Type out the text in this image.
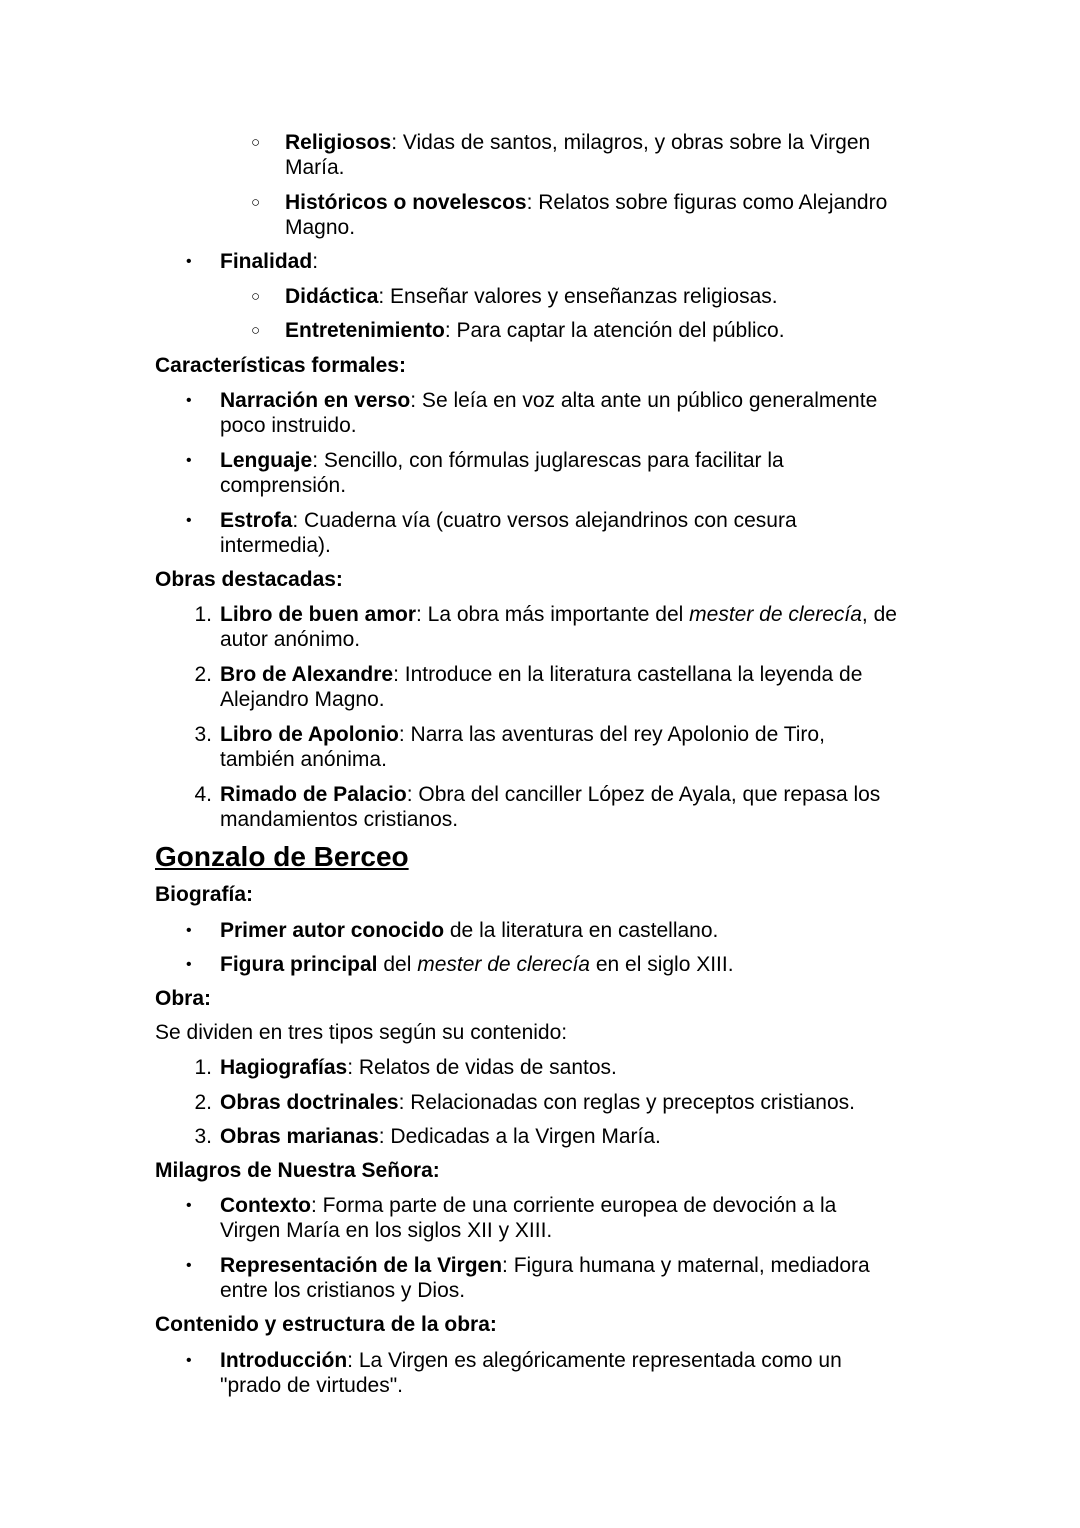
○ Religiosos: Vidas de santos, milagros, y obras sobre la Virgen
María.
○ Históricos o novelescos: Relatos sobre figuras como Alejandro
Magno.
• Finalidad:
○ Didáctica: Enseñar valores y enseñanzas religiosas.
○ Entretenimiento: Para captar la atención del público.
Características formales:
• Narración en verso: Se leía en voz alta ante un público generalmente
poco instruido.
• Lenguaje: Sencillo, con fórmulas juglarescas para facilitar la
comprensión.
• Estrofa: Cuaderna vía (cuatro versos alejandrinos con cesura
intermedia).
Obras destacadas:
1. Libro de buen amor: La obra más importante del mester de clerecía, de
autor anónimo.
2. Bro de Alexandre: Introduce en la literatura castellana la leyenda de
Alejandro Magno.
3. Libro de Apolonio: Narra las aventuras del rey Apolonio de Tiro,
también anónima.
4. Rimado de Palacio: Obra del canciller López de Ayala, que repasa los
mandamientos cristianos.
Gonzalo de Berceo
Biografía:
• Primer autor conocido de la literatura en castellano.
• Figura principal del mester de clerecía en el siglo XIII.
Obra:
Se dividen en tres tipos según su contenido:
1. Hagiografías: Relatos de vidas de santos.
2. Obras doctrinales: Relacionadas con reglas y preceptos cristianos.
3. Obras marianas: Dedicadas a la Virgen María.
Milagros de Nuestra Señora:
• Contexto: Forma parte de una corriente europea de devoción a la
Virgen María en los siglos XII y XIII.
• Representación de la Virgen: Figura humana y maternal, mediadora
entre los cristianos y Dios.
Contenido y estructura de la obra:
• Introducción: La Virgen es alegóricamente representada como un
"prado de virtudes".
